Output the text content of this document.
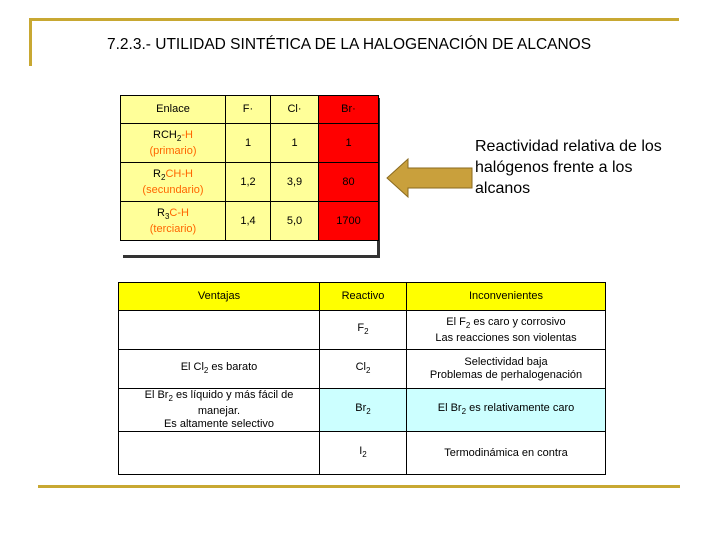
7.2.3.- UTILIDAD SINTÉTICA DE LA HALOGENACIÓN DE ALCANOS
Enlace	F·	Cl·	Br·

$RCH_2-H$
(primario)	1	1	1

$R_2CH-H$
(secundario)	1,2	3,9	80

$R_3C-H$
(terciario)	1,4	5,0	1700
Reactividad relativa de los halógenos frente a los alcanos
Ventajas	Reactivo	Inconvenientes
	$F_2$	El $F_2$ es caro y corrosivo
Las reacciones son violentas

El $Cl_2$ es barato	$Cl_2$	Selectividad baja
Problemas de perhalogenación

El $Br_2$ es líquido y más fácil de
manejar.
Es altamente selectivo	$Br_2$	El $Br_2$ es relativamente caro
	$I_2$	Termodinámica en contra
